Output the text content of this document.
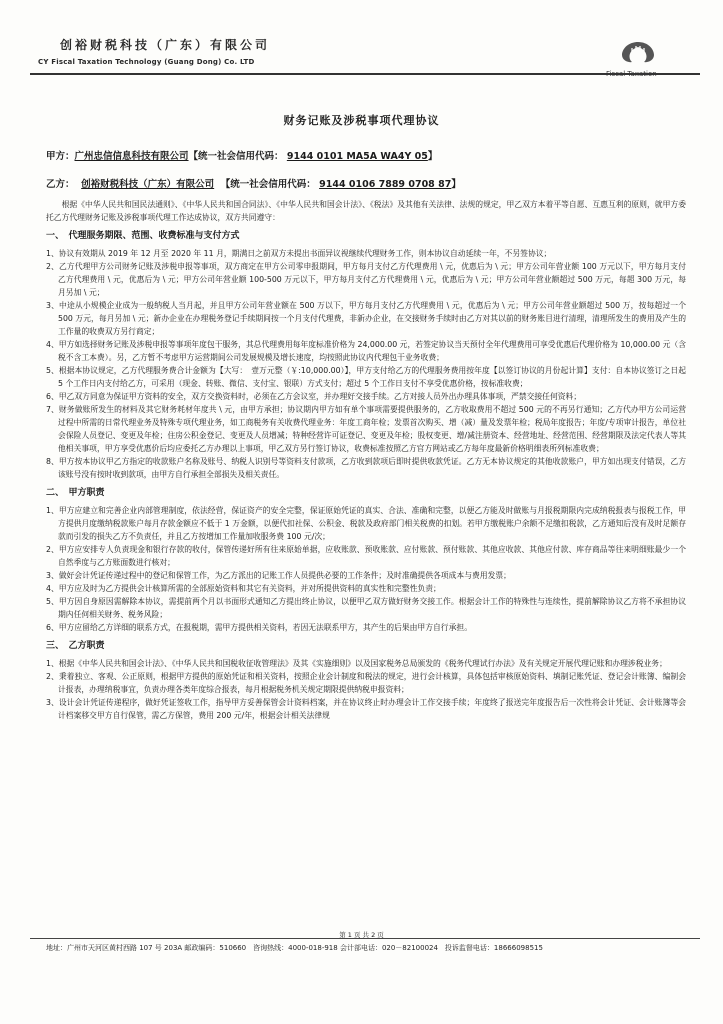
创裕财税科技（广东）有限公司
CY Fiscal Taxation Technology (Guang Dong) Co. LTD
Fiscal Taxation
财务记账及涉税事项代理协议
甲方：广州忠信信息科技有限公司【统一社会信用代码： 9144 0101 MA5A WA4Y 05】
乙方： 创裕财税科技（广东）有限公司 【统一社会信用代码： 9144 0106 7889 0708 87】

根据《中华人民共和国民法通则》、《中华人民共和国合同法》、《中华人民共和国会计法》、《税法》及其他有关法律、法规的规定，甲乙双方本着平等自愿、互惠互利的原则，就甲方委托乙方代理财务记账及涉税事项代理工作达成协议，双方共同遵守：

一、　代理服务期限、范围、收费标准与支付方式

1、协议有效期从 2019 年 12 月至 2020 年 11 月，期满日之前双方未提出书面异议视继续代理财务工作，则本协议自动延续一年，不另签协议；

2、乙方代理甲方公司财务记账及涉税申报等事项，双方商定在甲方公司零申报期间，甲方每月支付乙方代理费用 \ 元，优惠后为 \ 元；甲方公司年营业额 100 万元以下，甲方每月支付乙方代理费用 \ 元，优惠后为 \ 元；甲方公司年营业额 100-500 万元以下，甲方每月支付乙方代理费用 \ 元，优惠后为 \ 元；甲方公司年营业额超过 500 万元，每超 300 万元，每月另加 \ 元；

3、中途从小规模企业成为一般纳税人当月起，并且甲方公司年营业额在 500 万以下，甲方每月支付乙方代理费用 \ 元，优惠后为 \ 元；甲方公司年营业额超过 500 万，按每超过一个 500 万元，每月另加 \ 元；新办企业在办理税务登记手续期间按一个月支付代理费，非新办企业，在交接财务手续时由乙方对其以前的财务账目进行清理，清理所发生的费用及产生的工作量的收费双方另行商定；

4、甲方如选择财务记账及涉税申报等事项年度包干服务，其总代理费用每年度标准价格为 24,000.00 元，若签定协议当天预付全年代理费用可享受优惠后代理价格为 10,000.00 元（含税不含工本费）。另，乙方暂不考虑甲方运营期间公司发展规模及增长速度，均按照此协议内代理包干业务收费；

5、根据本协议规定，乙方代理服务费合计金额为【大写：　壹万元整（￥:10,000.00）】，甲方支付给乙方的代理服务费用按年度【以签订协议的月份起计算】支付：自本协议签订之日起 5 个工作日内支付给乙方，可采用（现金、转账、微信、支付宝、银联）方式支付；超过 5 个工作日支付不享受优惠价格，按标准收费；

6、甲乙双方同意为保证甲方资料的安全，双方交换资料时，必须在乙方会议室，并办理好交接手续。乙方对接人员外出办理具体事项，严禁交接任何资料；

7、财务做账所发生的材料及其它财务耗材年度共 \ 元，由甲方承担；协议期内甲方如有单个事项需要提供服务的，乙方收取费用不超过 500 元的不再另行通知；乙方代办甲方公司运营过程中所需的日常代理业务及特殊专项代理业务，如工商税务有关收费代理业务：年度工商年检；发票首次购买、增（减）量及发票年检；税局年度报告；年度/专项审计报告，单位社会保险人员登记、变更及年检；住房公积金登记、变更及人员增减；特种经营许可证登记、变更及年检；股权变更、增/减注册资本、经营地址、经营范围、经营期限及法定代表人等其他相关事项，甲方享受优惠价后均应委托乙方办理以上事项，甲乙双方另行签订协议，收费标准按照乙方官方网站或乙方每年度最新价格明细表所列标准收费；

8、甲方按本协议甲乙方指定的收款账户名称及账号、纳税人识别号等资料支付款项，乙方收到款项后即时提供收款凭证。乙方无本协议规定的其他收款账户，甲方如出现支付错误，乙方该账号没有按时收到款项，由甲方自行承担全部损失及相关责任。

二、　甲方职责

1、甲方应建立和完善企业内部管理制度，依法经营，保证资产的安全完整，保证原始凭证的真实、合法、准确和完整，以便乙方能及时做账与月报税期限内完成纳税报表与报税工作，甲方提供月度缴纳税款账户每月存款金额应不低于 1 万金额，以便代扣社保、公积金、税款及政府部门相关税费的扣划。若甲方缴税账户余额不足缴扣税款，乙方通知后没有及时足额存款而引发的损失乙方不负责任，并且乙方按增加工作量加收服务费 100 元/次；

2、甲方应安排专人负责现金和银行存款的收付，保管传递好所有往来原始单据，应收账款、预收账款、应付账款、预付账款、其他应收款、其他应付款、库存商品等往来明细账最少一个自然季度与乙方账面数进行核对；

3、做好会计凭证传递过程中的登记和保管工作，为乙方派出的记账工作人员提供必要的工作条件；及时准确提供各项成本与费用发票；

4、甲方应及时为乙方提供会计核算所需的全部原始资料和其它有关资料，并对所提供资料的真实性和完整性负责；

5、甲方因自身原因需解除本协议，需提前两个月以书面形式通知乙方提出终止协议，以便甲乙双方做好财务交接工作。根据会计工作的特殊性与连续性，提前解除协议乙方将不承担协议期内任何相关财务、税务风险；

6、甲方应留给乙方详细的联系方式，在报税期，需甲方提供相关资料，若因无法联系甲方，其产生的后果由甲方自行承担。

三、　乙方职责

1、根据《中华人民共和国会计法》、《中华人民共和国税收征收管理法》及其《实施细则》以及国家税务总局颁发的《税务代理试行办法》及有关规定开展代理记账和办理涉税业务；

2、秉着独立、客观、公正原则，根据甲方提供的原始凭证和相关资料，按照企业会计制度和税法的规定，进行会计核算，具体包括审核原始资料、填制记账凭证、登记会计账簿、编制会计报表，办理纳税事宜，负责办理各类年度综合报表，每月根据税务机关规定期限提供纳税申报资料；

3、设计会计凭证传递程序，做好凭证签收工作，指导甲方妥善保管会计资料档案，并在协议终止时办理会计工作交接手续；年度终了报送完年度报告后一次性将会计凭证、会计账簿等会计档案移交甲方自行保管，需乙方保管，费用 200 元/年，根据会计相关法律规

第 1 页 共 2 页
地址：广州市天河区黄村西路 107 号 203A 邮政编码：510660　咨询热线：4000-018-918 会计部电话：020－82100024　投诉监督电话：18666098515
